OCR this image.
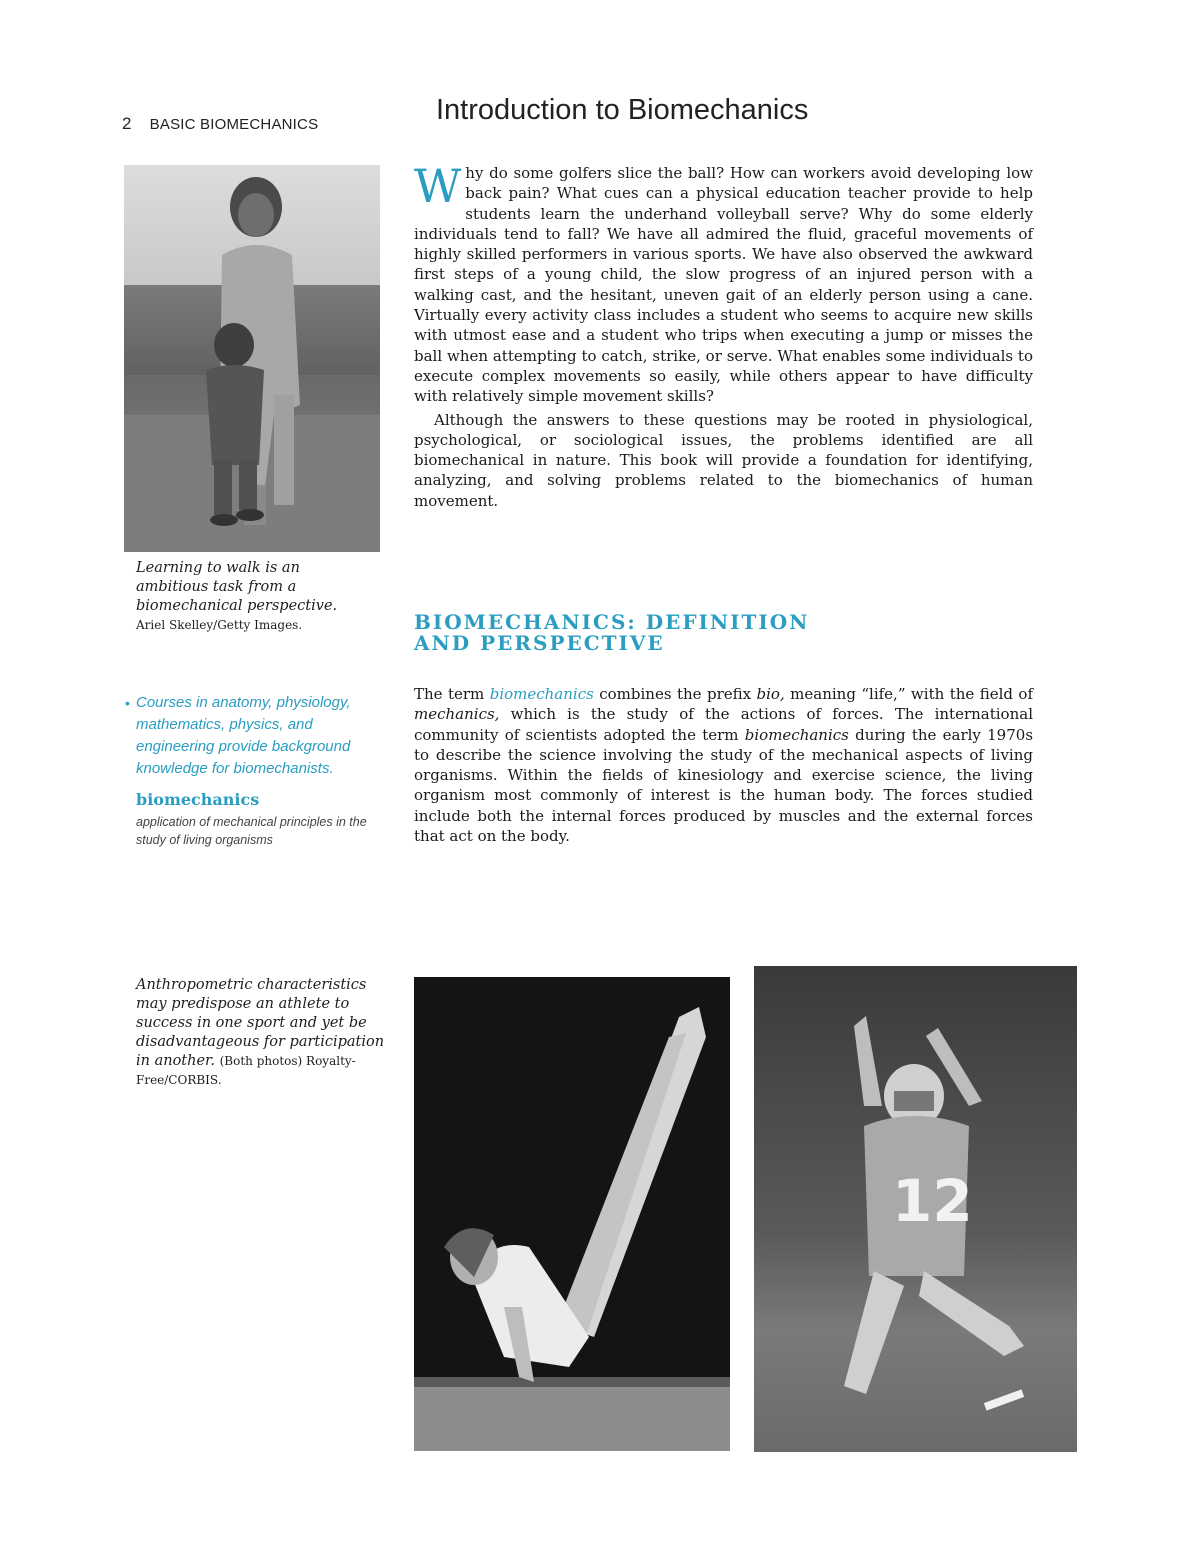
2 BASIC BIOMECHANICS	Introduction to Biomechanics
Learning to walk is an ambitious task from a biomechanical perspective.
Ariel Skelley/Getty Images.
• Courses in anatomy, physiology, mathematics, physics, and engineering provide background knowledge for biomechanists.
biomechanics
application of mechanical principles in the study of living organisms

Why do some golfers slice the ball? How can workers avoid developing low back pain? What cues can a physical education teacher provide to help students learn the underhand volleyball serve? Why do some elderly individuals tend to fall? We have all admired the fluid, graceful movements of highly skilled performers in various sports. We have also observed the awkward first steps of a young child, the slow progress of an injured person with a walking cast, and the hesitant, uneven gait of an elderly person using a cane. Virtually every activity class includes a student who seems to acquire new skills with utmost ease and a student who trips when executing a jump or misses the ball when attempting to catch, strike, or serve. What enables some individuals to execute complex movements so easily, while others appear to have difficulty with relatively simple movement skills?

Although the answers to these questions may be rooted in physiological, psychological, or sociological issues, the problems identified are all biomechanical in nature. This book will provide a foundation for identifying, analyzing, and solving problems related to the biomechanics of human movement.

BIOMECHANICS: DEFINITION
AND PERSPECTIVE

The term biomechanics combines the prefix bio, meaning “life,” with the field of mechanics, which is the study of the actions of forces. The international community of scientists adopted the term biomechanics during the early 1970s to describe the science involving the study of the mechanical aspects of living organisms. Within the fields of kinesiology and exercise science, the living organism most commonly of interest is the human body. The forces studied include both the internal forces produced by muscles and the external forces that act on the body.

Anthropometric characteristics may predispose an athlete to success in one sport and yet be disadvantageous for participation in another. (Both photos) Royalty-Free/CORBIS.
12
